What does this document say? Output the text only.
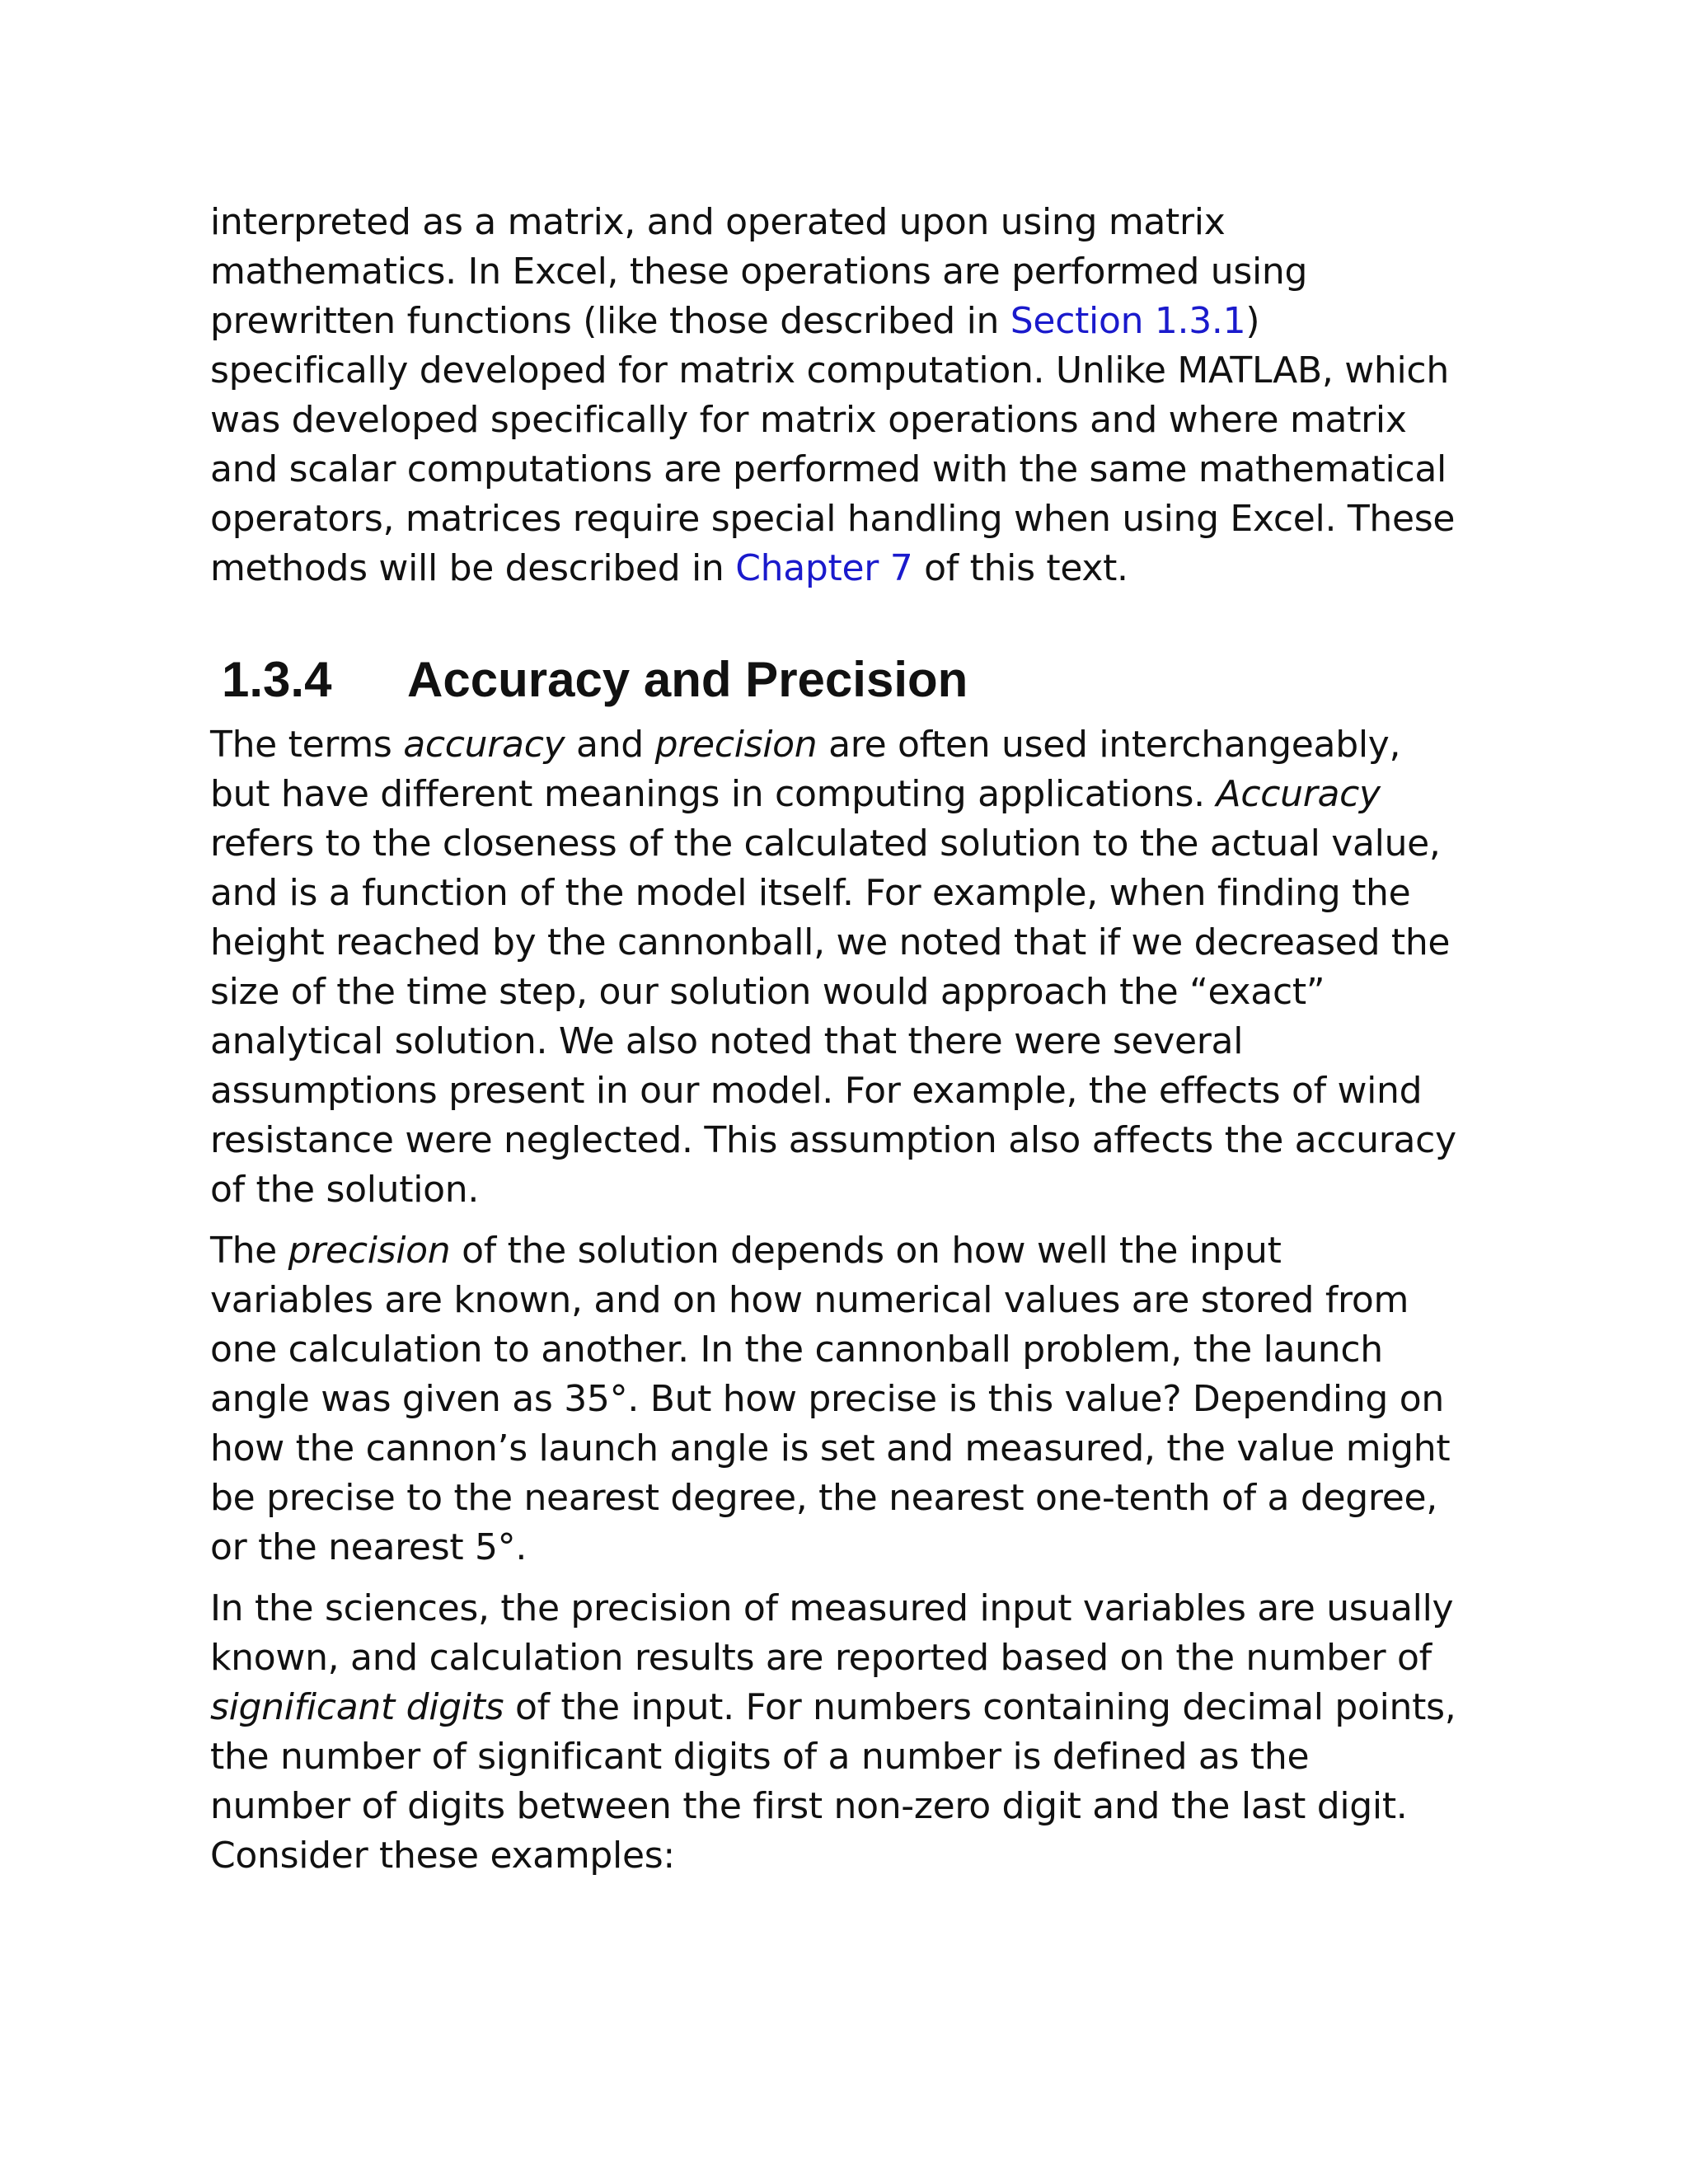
interpreted as a matrix, and operated upon using matrix
mathematics. In Excel, these operations are performed using
prewritten functions (like those described in Section 1.3.1)
specifically developed for matrix computation. Unlike MATLAB, which
was developed specifically for matrix operations and where matrix
and scalar computations are performed with the same mathematical
operators, matrices require special handling when using Excel. These
methods will be described in Chapter 7 of this text.
1.3.4 Accuracy and Precision
The terms accuracy and precision are often used interchangeably,
but have different meanings in computing applications. Accuracy
refers to the closeness of the calculated solution to the actual value,
and is a function of the model itself. For example, when finding the
height reached by the cannonball, we noted that if we decreased the
size of the time step, our solution would approach the “exact”
analytical solution. We also noted that there were several
assumptions present in our model. For example, the effects of wind
resistance were neglected. This assumption also affects the accuracy
of the solution.
The precision of the solution depends on how well the input
variables are known, and on how numerical values are stored from
one calculation to another. In the cannonball problem, the launch
angle was given as 35°. But how precise is this value? Depending on
how the cannon’s launch angle is set and measured, the value might
be precise to the nearest degree, the nearest one-tenth of a degree,
or the nearest 5°.
In the sciences, the precision of measured input variables are usually
known, and calculation results are reported based on the number of
significant digits of the input. For numbers containing decimal points,
the number of significant digits of a number is defined as the
number of digits between the first non-zero digit and the last digit.
Consider these examples:
